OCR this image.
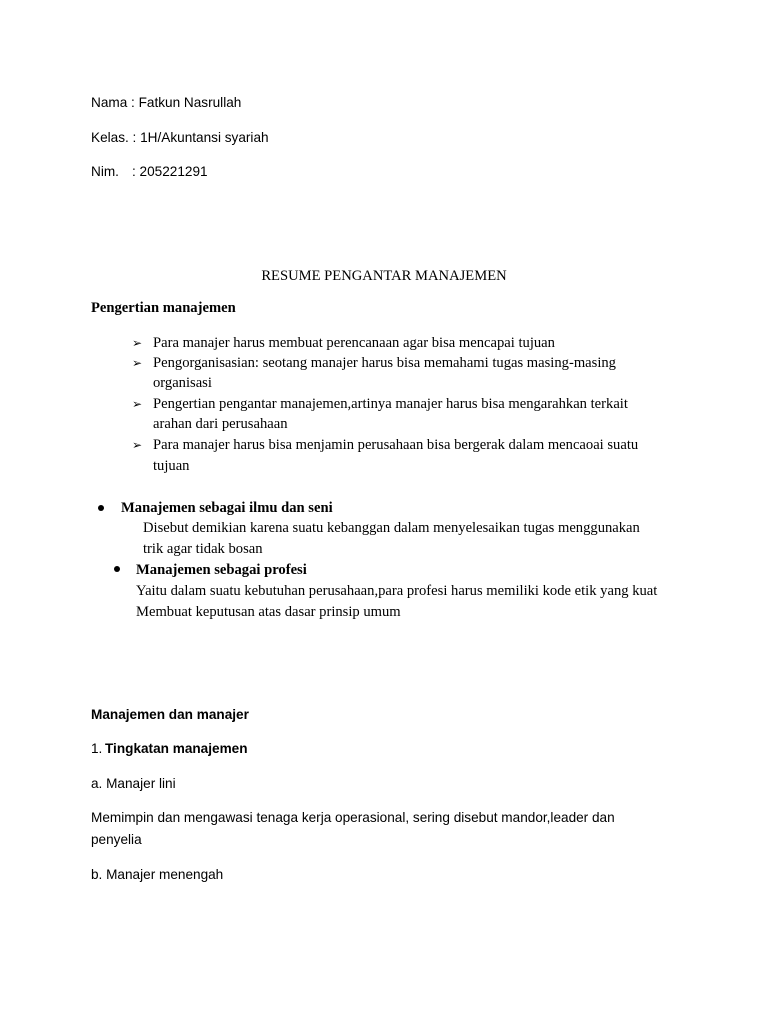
Nama : Fatkun Nasrullah
Kelas. : 1H/Akuntansi syariah
Nim. : 205221291
RESUME PENGANTAR MANAJEMEN
Pengertian manajemen
➢ Para manajer harus membuat perencanaan agar bisa mencapai tujuan
➢ Pengorganisasian: seotang manajer harus bisa memahami tugas masing-masing
organisasi
➢ Pengertian pengantar manajemen,artinya manajer harus bisa mengarahkan terkait
arahan dari perusahaan
➢ Para manajer harus bisa menjamin perusahaan bisa bergerak dalam mencaoai suatu
tujuan
Manajemen sebagai ilmu dan seni
Disebut demikian karena suatu kebanggan dalam menyelesaikan tugas menggunakan
trik agar tidak bosan
Manajemen sebagai profesi
Yaitu dalam suatu kebutuhan perusahaan,para profesi harus memiliki kode etik yang kuat
Membuat keputusan atas dasar prinsip umum
Manajemen dan manajer
1. Tingkatan manajemen
a. Manajer lini
Memimpin dan mengawasi tenaga kerja operasional, sering disebut mandor,leader dan
penyelia
b. Manajer menengah
